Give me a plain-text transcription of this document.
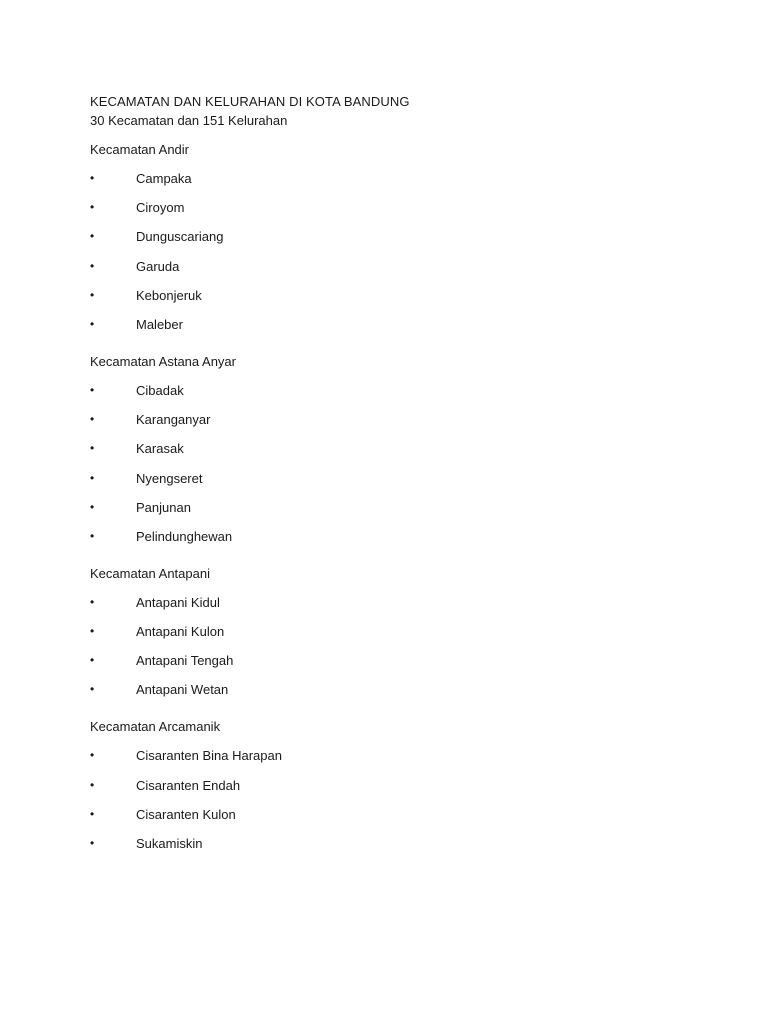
KECAMATAN DAN KELURAHAN DI KOTA BANDUNG

30 Kecamatan dan 151 Kelurahan

Kecamatan Andir

•	Campaka
•	Ciroyom
•	Dunguscariang
•	Garuda
•	Kebonjeruk
•	Maleber

Kecamatan Astana Anyar

•	Cibadak
•	Karanganyar
•	Karasak
•	Nyengseret
•	Panjunan
•	Pelindunghewan

Kecamatan Antapani

•	Antapani Kidul
•	Antapani Kulon
•	Antapani Tengah
•	Antapani Wetan

Kecamatan Arcamanik

•	Cisaranten Bina Harapan
•	Cisaranten Endah
•	Cisaranten Kulon
•	Sukamiskin
